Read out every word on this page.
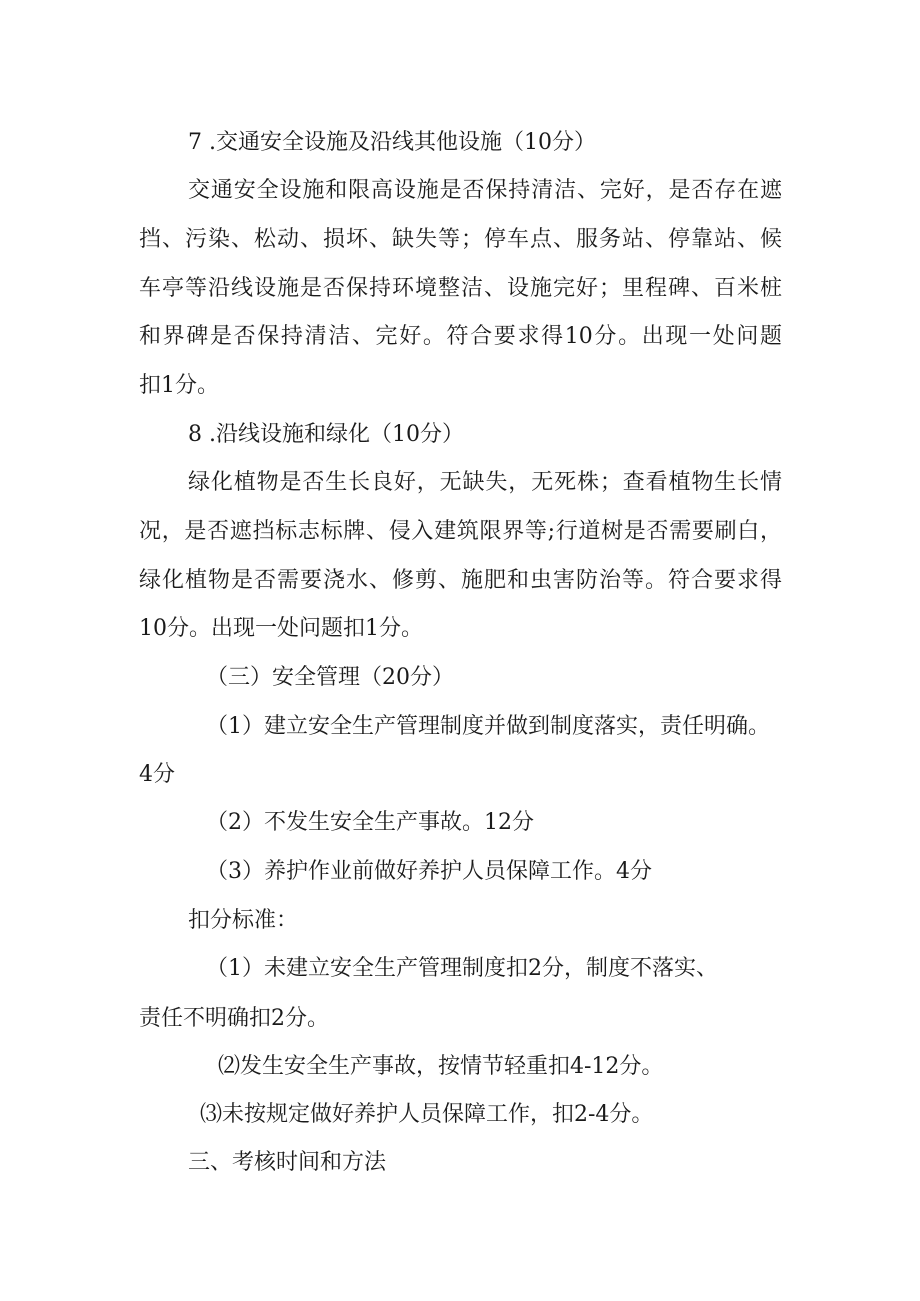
7 .交通安全设施及沿线其他设施（10分）

交通安全设施和限高设施是否保持清洁、完好，是否存在遮

挡、污染、松动、损坏、缺失等；停车点、服务站、停靠站、候

车亭等沿线设施是否保持环境整洁、设施完好；里程碑、百米桩

和界碑是否保持清洁、完好。符合要求得10分。出现一处问题

扣1分。

8 .沿线设施和绿化（10分）

绿化植物是否生长良好，无缺失，无死株；查看植物生长情

况，是否遮挡标志标牌、侵入建筑限界等;行道树是否需要刷白，

绿化植物是否需要浇水、修剪、施肥和虫害防治等。符合要求得

10分。出现一处问题扣1分。

（三）安全管理（20分）

（1）建立安全生产管理制度并做到制度落实，责任明确。

4分

（2）不发生安全生产事故。12分

（3）养护作业前做好养护人员保障工作。4分

扣分标准：

（1）未建立安全生产管理制度扣2分，制度不落实、

责任不明确扣2分。

⑵发生安全生产事故，按情节轻重扣4-12分。

⑶未按规定做好养护人员保障工作，扣2-4分。

三、考核时间和方法
